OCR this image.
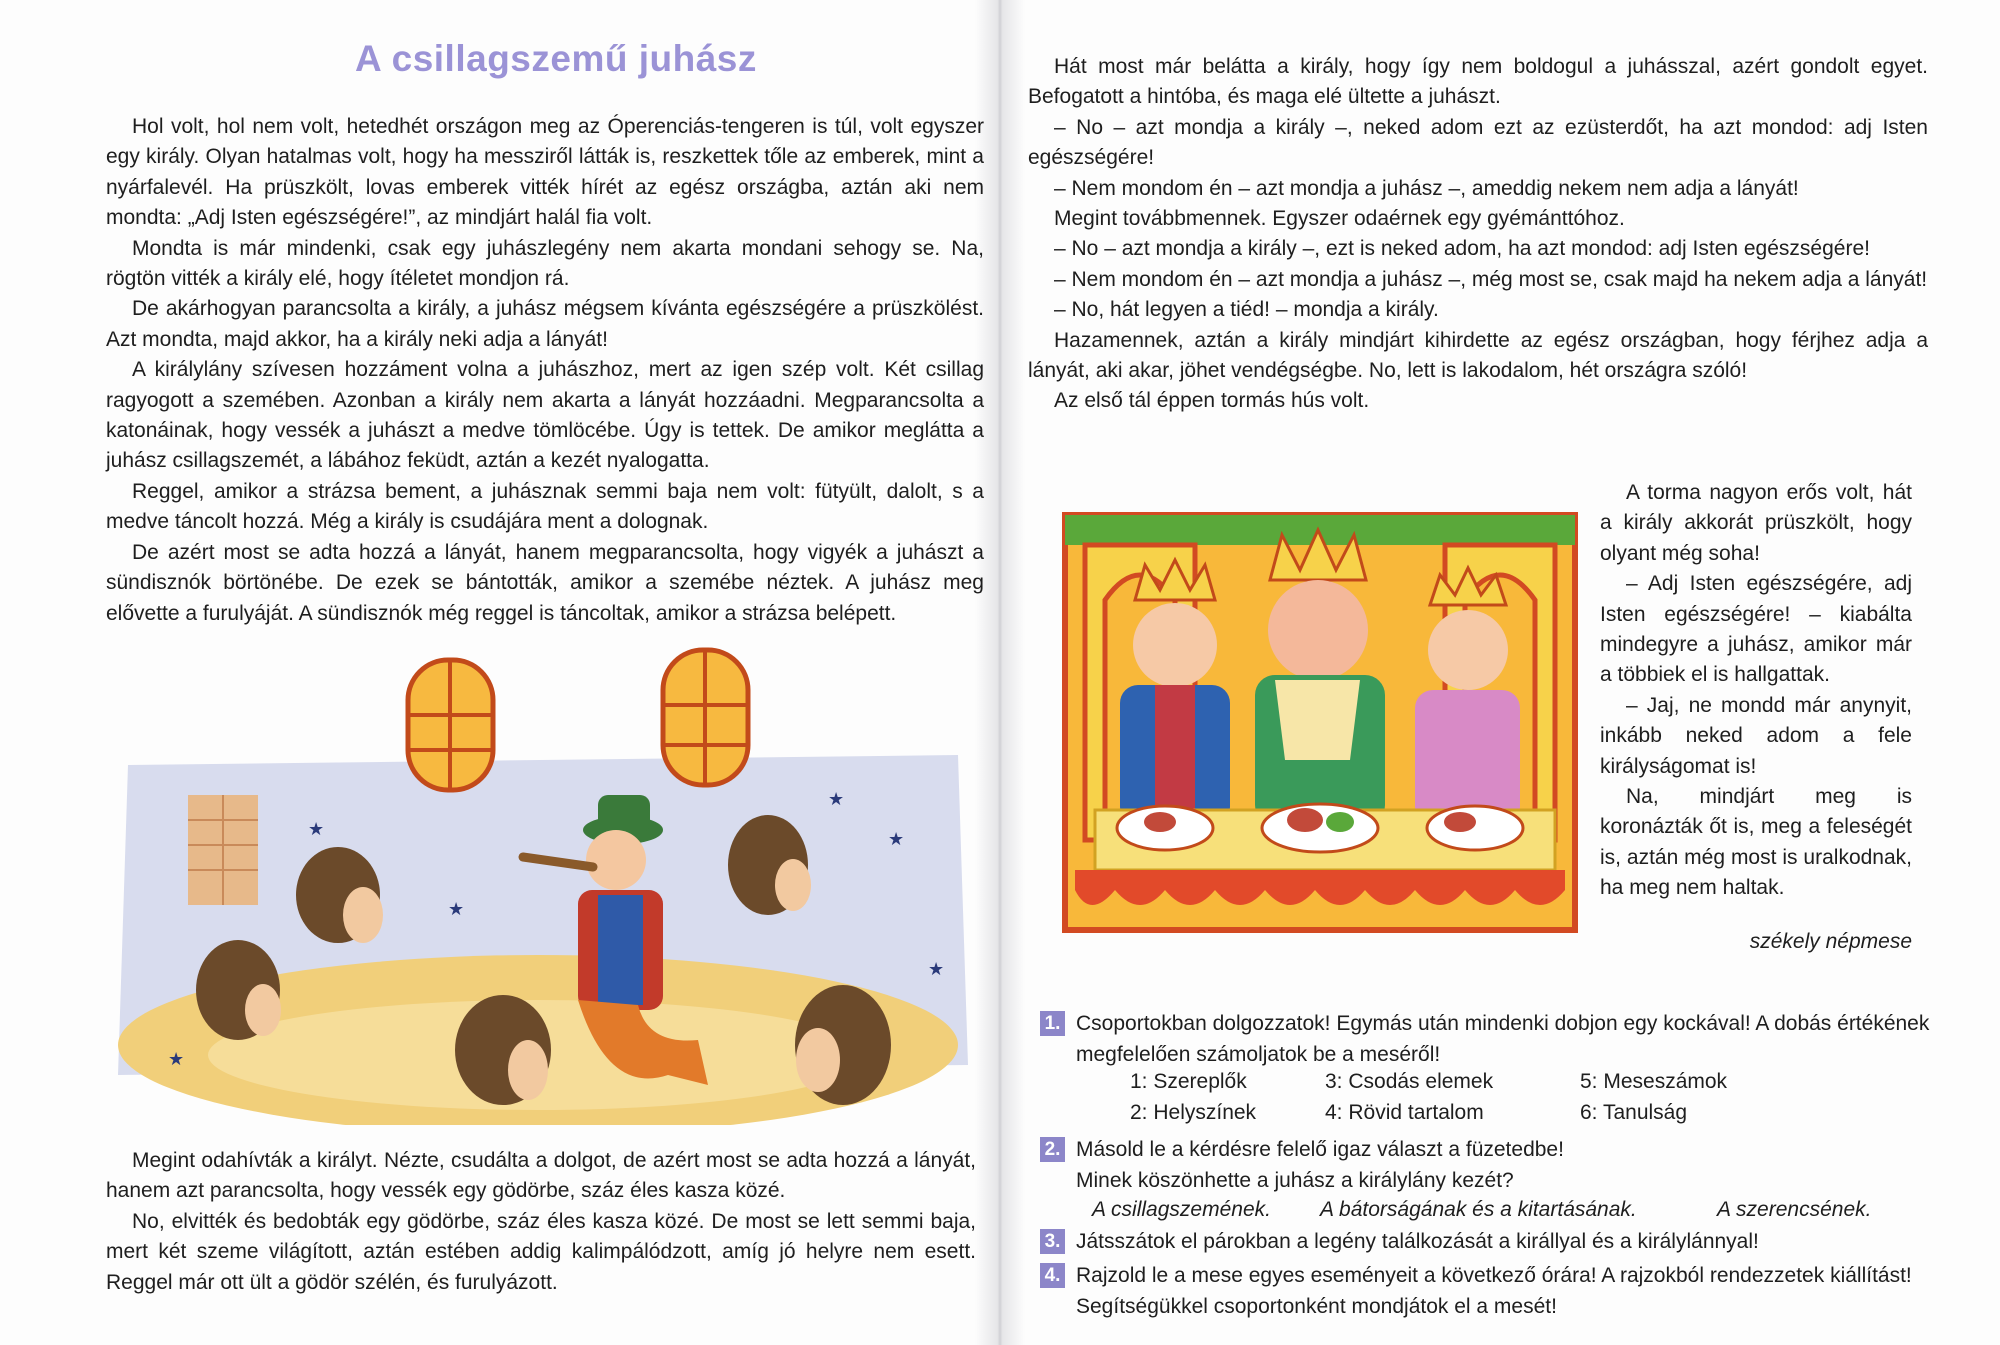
A csillagszemű juhász

Hol volt, hol nem volt, hetedhét országon meg az Óperenciás-tengeren is túl, volt egyszer egy király. Olyan hatalmas volt, hogy ha messziről látták is, reszkettek tőle az emberek, mint a nyárfalevél. Ha prüszkölt, lovas emberek vitték hírét az egész országba, aztán aki nem mondta: „Adj Isten egészségére!”, az mindjárt halál fia volt.

Mondta is már mindenki, csak egy juhászlegény nem akarta mondani sehogy se. Na, rögtön vitték a király elé, hogy ítéletet mondjon rá.

De akárhogyan parancsolta a király, a juhász mégsem kívánta egészségére a prüszkölést. Azt mondta, majd akkor, ha a király neki adja a lányát!

A királylány szívesen hozzáment volna a juhászhoz, mert az igen szép volt. Két csillag ragyogott a szemében. Azonban a király nem akarta a lányát hozzáadni. Megparancsolta a katonáinak, hogy vessék a juhászt a medve tömlöcébe. Úgy is tettek. De amikor meglátta a juhász csillagszemét, a lábához feküdt, aztán a kezét nyalogatta.

Reggel, amikor a strázsa bement, a juhásznak semmi baja nem volt: fütyült, dalolt, s a medve táncolt hozzá. Még a király is csudájára ment a dolognak.

De azért most se adta hozzá a lányát, hanem megparancsolta, hogy vigyék a juhászt a sündisznók börtönébe. De ezek se bántották, amikor a szemébe néztek. A juhász meg elővette a furulyáját. A sündisznók még reggel is táncoltak, amikor a strázsa belépett.

★
★
★
★
★
★

Megint odahívták a királyt. Nézte, csudálta a dolgot, de azért most se adta hozzá a lányát, hanem azt parancsolta, hogy vessék egy gödörbe, száz éles kasza közé.

No, elvitték és bedobták egy gödörbe, száz éles kasza közé. De most se lett semmi baja, mert két szeme világított, aztán estében addig kalimpálódzott, amíg jó helyre nem esett. Reggel már ott ült a gödör szélén, és furulyázott.

Hát most már belátta a király, hogy így nem boldogul a juhásszal, azért gondolt egyet. Befogatott a hintóba, és maga elé ültette a juhászt.

– No – azt mondja a király –, neked adom ezt az ezüsterdőt, ha azt mondod: adj Isten egészségére!

– Nem mondom én – azt mondja a juhász –, ameddig nekem nem adja a lányát!

Megint továbbmennek. Egyszer odaérnek egy gyémánttóhoz.

– No – azt mondja a király –, ezt is neked adom, ha azt mondod: adj Isten egészségére!

– Nem mondom én – azt mondja a juhász –, még most se, csak majd ha nekem adja a lányát!

– No, hát legyen a tiéd! – mondja a király.

Hazamennek, aztán a király mindjárt kihirdette az egész országban, hogy férjhez adja a lányát, aki akar, jöhet vendégségbe. No, lett is lakodalom, hét országra szóló!

Az első tál éppen tormás hús volt.

A torma nagyon erős volt, hát a király akkorát prüszkölt, hogy olyant még soha!

– Adj Isten egészségére, adj Isten egészségére! – kiabálta mindegyre a juhász, amikor már a többiek el is hallgattak.

– Jaj, ne mondd már anynyit, inkább neked adom a fele királyságomat is!

Na, mindjárt meg is koronázták őt is, meg a feleségét is, aztán még most is uralkodnak, ha meg nem haltak.

székely népmese
1. Csoportokban dolgozzatok! Egymás után mindenki dobjon egy kockával! A dobás értékének megfelelően számoljatok be a meséről!
1: Szereplők
2: Helyszínek
3: Csodás elemek
4: Rövid tartalom
5: Meseszámok
6: Tanulság
2. Másold le a kérdésre felelő igaz választ a füzetedbe!
Minek köszönhette a juhász a királylány kezét?
A csillagszemének. A bátorságának és a kitartásának.	A szerencsének.
3. Játsszátok el párokban a legény találkozását a királlyal és a királylánnyal!
4. Rajzold le a mese egyes eseményeit a következő órára! A rajzokból rendezzetek kiállítást! Segítségükkel csoportonként mondjátok el a mesét!
